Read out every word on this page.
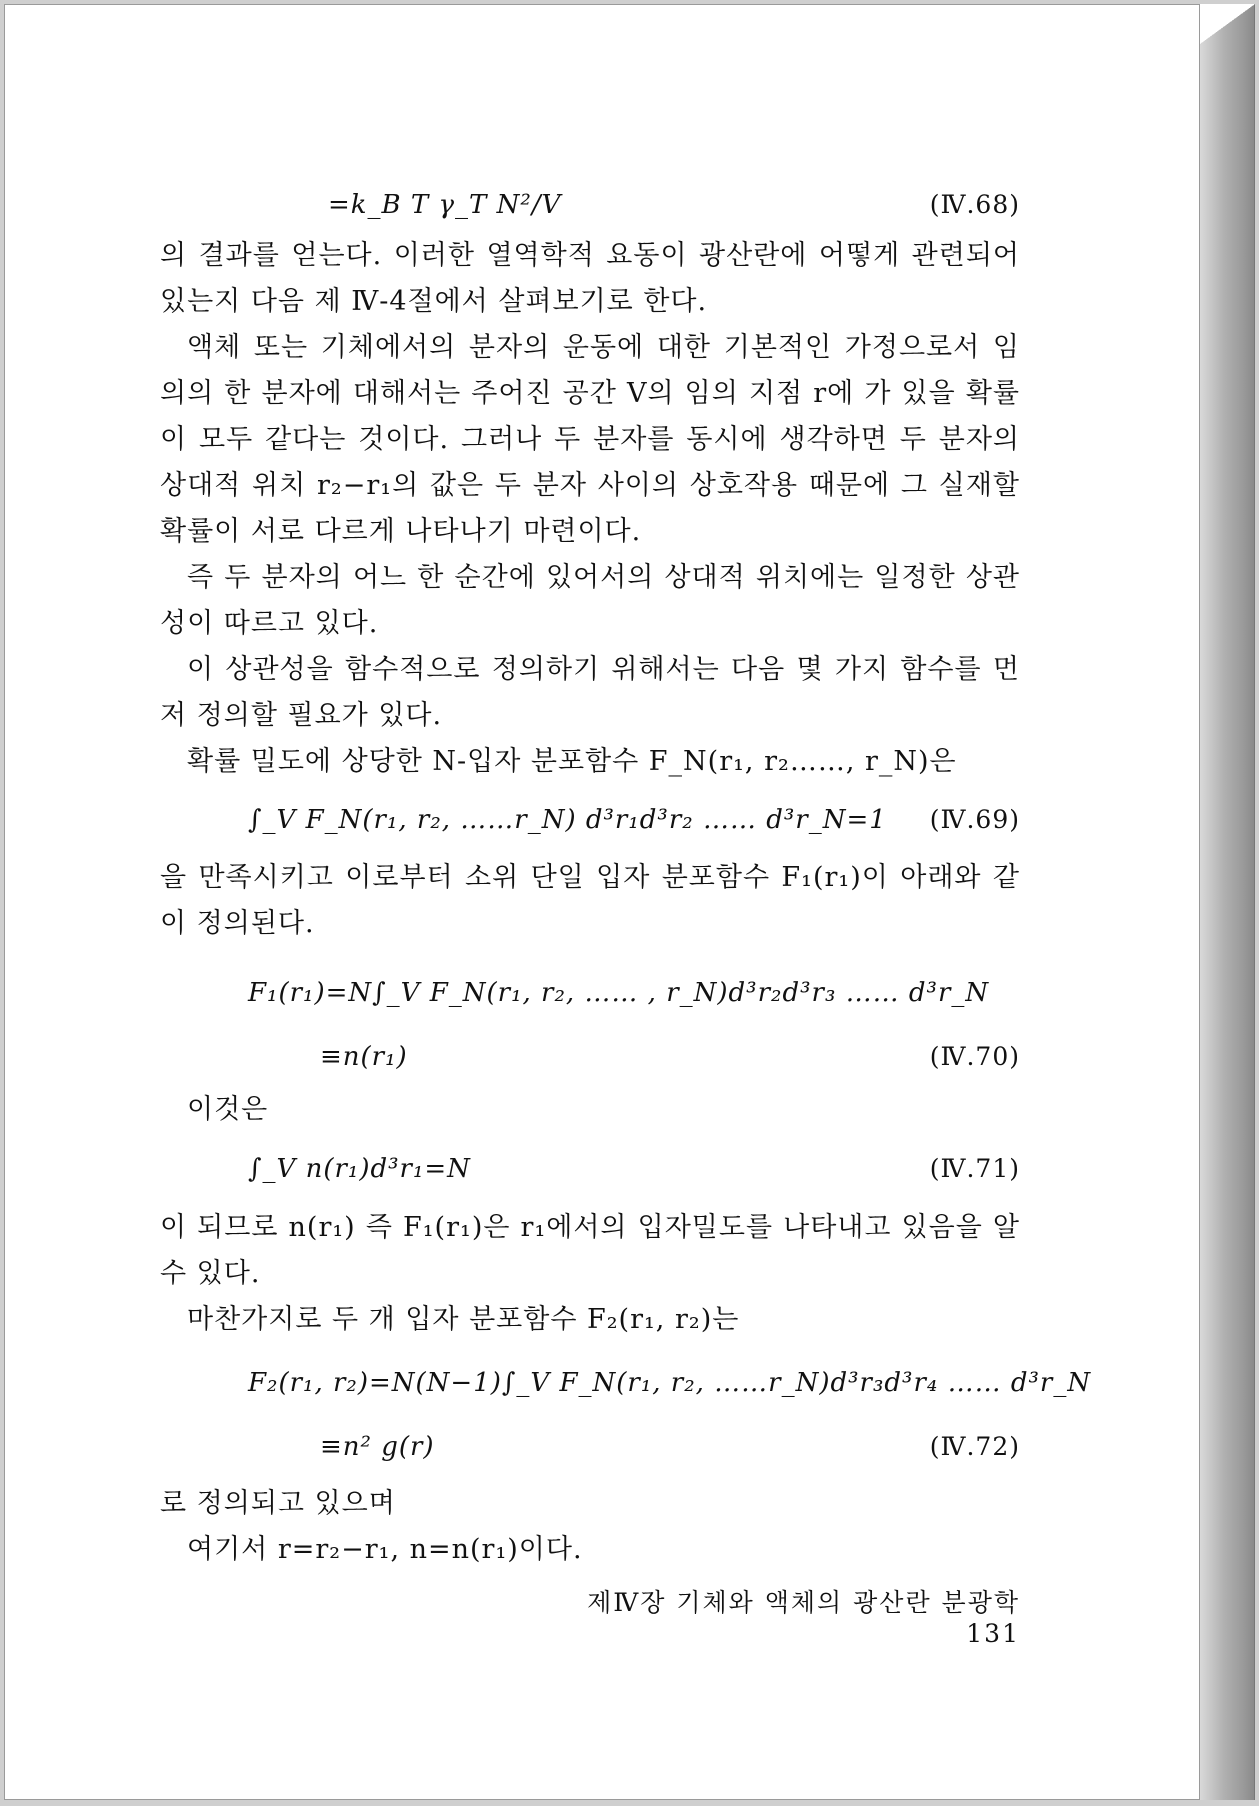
=k_B T γ_T N²/V	(Ⅳ.68)

의 결과를 얻는다. 이러한 열역학적 요동이 광산란에 어떻게 관련되어 있는지 다음 제 Ⅳ-4절에서 살펴보기로 한다.

액체 또는 기체에서의 분자의 운동에 대한 기본적인 가정으로서 임의의 한 분자에 대해서는 주어진 공간 V의 임의 지점 r에 가 있을 확률이 모두 같다는 것이다. 그러나 두 분자를 동시에 생각하면 두 분자의 상대적 위치 r₂−r₁의 값은 두 분자 사이의 상호작용 때문에 그 실재할 확률이 서로 다르게 나타나기 마련이다.

즉 두 분자의 어느 한 순간에 있어서의 상대적 위치에는 일정한 상관성이 따르고 있다.

이 상관성을 함수적으로 정의하기 위해서는 다음 몇 가지 함수를 먼저 정의할 필요가 있다.

확률 밀도에 상당한 N-입자 분포함수 F_N(r₁, r₂……, r_N)은

∫_V F_N(r₁, r₂, ……r_N) d³r₁d³r₂ …… d³r_N=1 (Ⅳ.69)

을 만족시키고 이로부터 소위 단일 입자 분포함수 F₁(r₁)이 아래와 같이 정의된다.

F₁(r₁)=N∫_V F_N(r₁, r₂, …… , r_N)d³r₂d³r₃ …… d³r_N
≡n(r₁)	(Ⅳ.70)

이것은

∫_V n(r₁)d³r₁=N	(Ⅳ.71)

이 되므로 n(r₁) 즉 F₁(r₁)은 r₁에서의 입자밀도를 나타내고 있음을 알 수 있다.

마찬가지로 두 개 입자 분포함수 F₂(r₁, r₂)는

F₂(r₁, r₂)=N(N−1)∫_V F_N(r₁, r₂, ……r_N)d³r₃d³r₄ …… d³r_N
≡n² g(r)	(Ⅳ.72)

로 정의되고 있으며

여기서 r=r₂−r₁, n=n(r₁)이다.

제Ⅳ장 기체와 액체의 광산란 분광학 131
